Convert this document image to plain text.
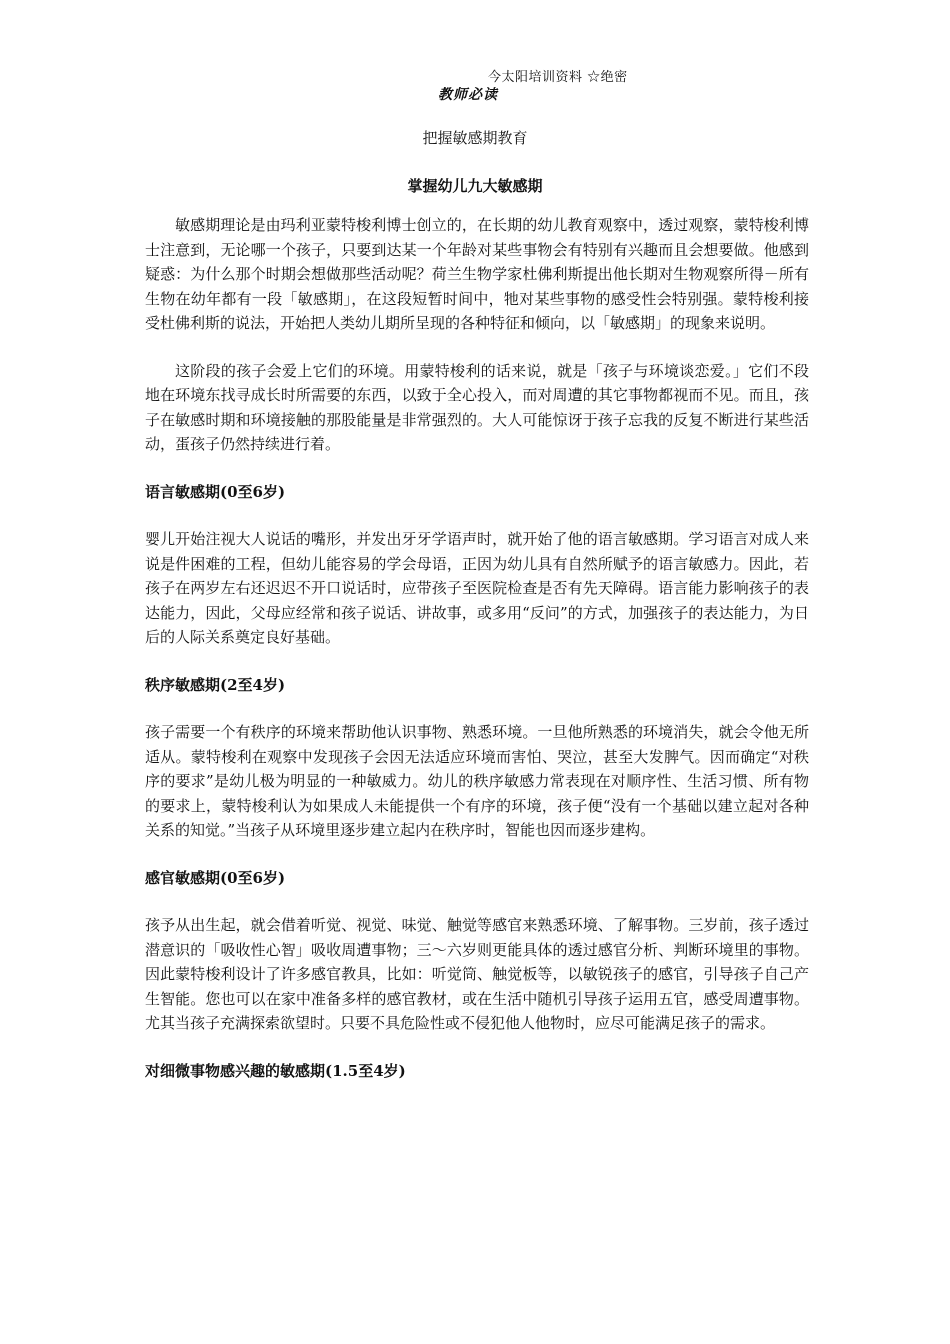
今太阳培训资料 ☆绝密
教师必读
把握敏感期教育
掌握幼儿九大敏感期

敏感期理论是由玛利亚蒙特梭利博士创立的，在长期的幼儿教育观察中，透过观察，蒙特梭利博士注意到，无论哪一个孩子，只要到达某一个年龄对某些事物会有特别有兴趣而且会想要做。他感到疑惑：为什么那个时期会想做那些活动呢？荷兰生物学家杜佛利斯提出他长期对生物观察所得－所有生物在幼年都有一段「敏感期」，在这段短暂时间中，牠对某些事物的感受性会特别强。蒙特梭利接受杜佛利斯的说法，开始把人类幼儿期所呈现的各种特征和倾向，以「敏感期」的现象来说明。

这阶段的孩子会爱上它们的环境。用蒙特梭利的话来说，就是「孩子与环境谈恋爱。」它们不段地在环境东找寻成长时所需要的东西，以致于全心投入，而对周遭的其它事物都视而不见。而且，孩子在敏感时期和环境接触的那股能量是非常强烈的。大人可能惊讶于孩子忘我的反复不断进行某些活动，蛋孩子仍然持续进行着。

语言敏感期(0至6岁)

婴儿开始注视大人说话的嘴形，并发出牙牙学语声时，就开始了他的语言敏感期。学习语言对成人来说是件困难的工程，但幼儿能容易的学会母语，正因为幼儿具有自然所赋予的语言敏感力。因此，若孩子在两岁左右还迟迟不开口说话时，应带孩子至医院检查是否有先天障碍。语言能力影响孩子的表达能力，因此，父母应经常和孩子说话、讲故事，或多用“反问”的方式，加强孩子的表达能力，为日后的人际关系奠定良好基础。

秩序敏感期(2至4岁)

孩子需要一个有秩序的环境来帮助他认识事物、熟悉环境。一旦他所熟悉的环境消失，就会令他无所适从。蒙特梭利在观察中发现孩子会因无法适应环境而害怕、哭泣，甚至大发脾气。因而确定“对秩序的要求”是幼儿极为明显的一种敏威力。幼儿的秩序敏感力常表现在对顺序性、生活习惯、所有物的要求上，蒙特梭利认为如果成人未能提供一个有序的环境，孩子便“没有一个基础以建立起对各种关系的知觉。”当孩子从环境里逐步建立起内在秩序时，智能也因而逐步建构。

感官敏感期(0至6岁)

孩予从出生起，就会借着听觉、视觉、味觉、触觉等感官来熟悉环境、了解事物。三岁前，孩子透过潜意识的「吸收性心智」吸收周遭事物；三～六岁则更能具体的透过感官分析、判断环境里的事物。因此蒙特梭利设计了许多感官教具，比如：听觉筒、触觉板等，以敏锐孩子的感官，引导孩子自己产生智能。您也可以在家中准备多样的感官教材，或在生活中随机引导孩子运用五官，感受周遭事物。尤其当孩子充满探索欲望时。只要不具危险性或不侵犯他人他物时，应尽可能满足孩子的需求。

对细微事物感兴趣的敏感期(1.5至4岁)
